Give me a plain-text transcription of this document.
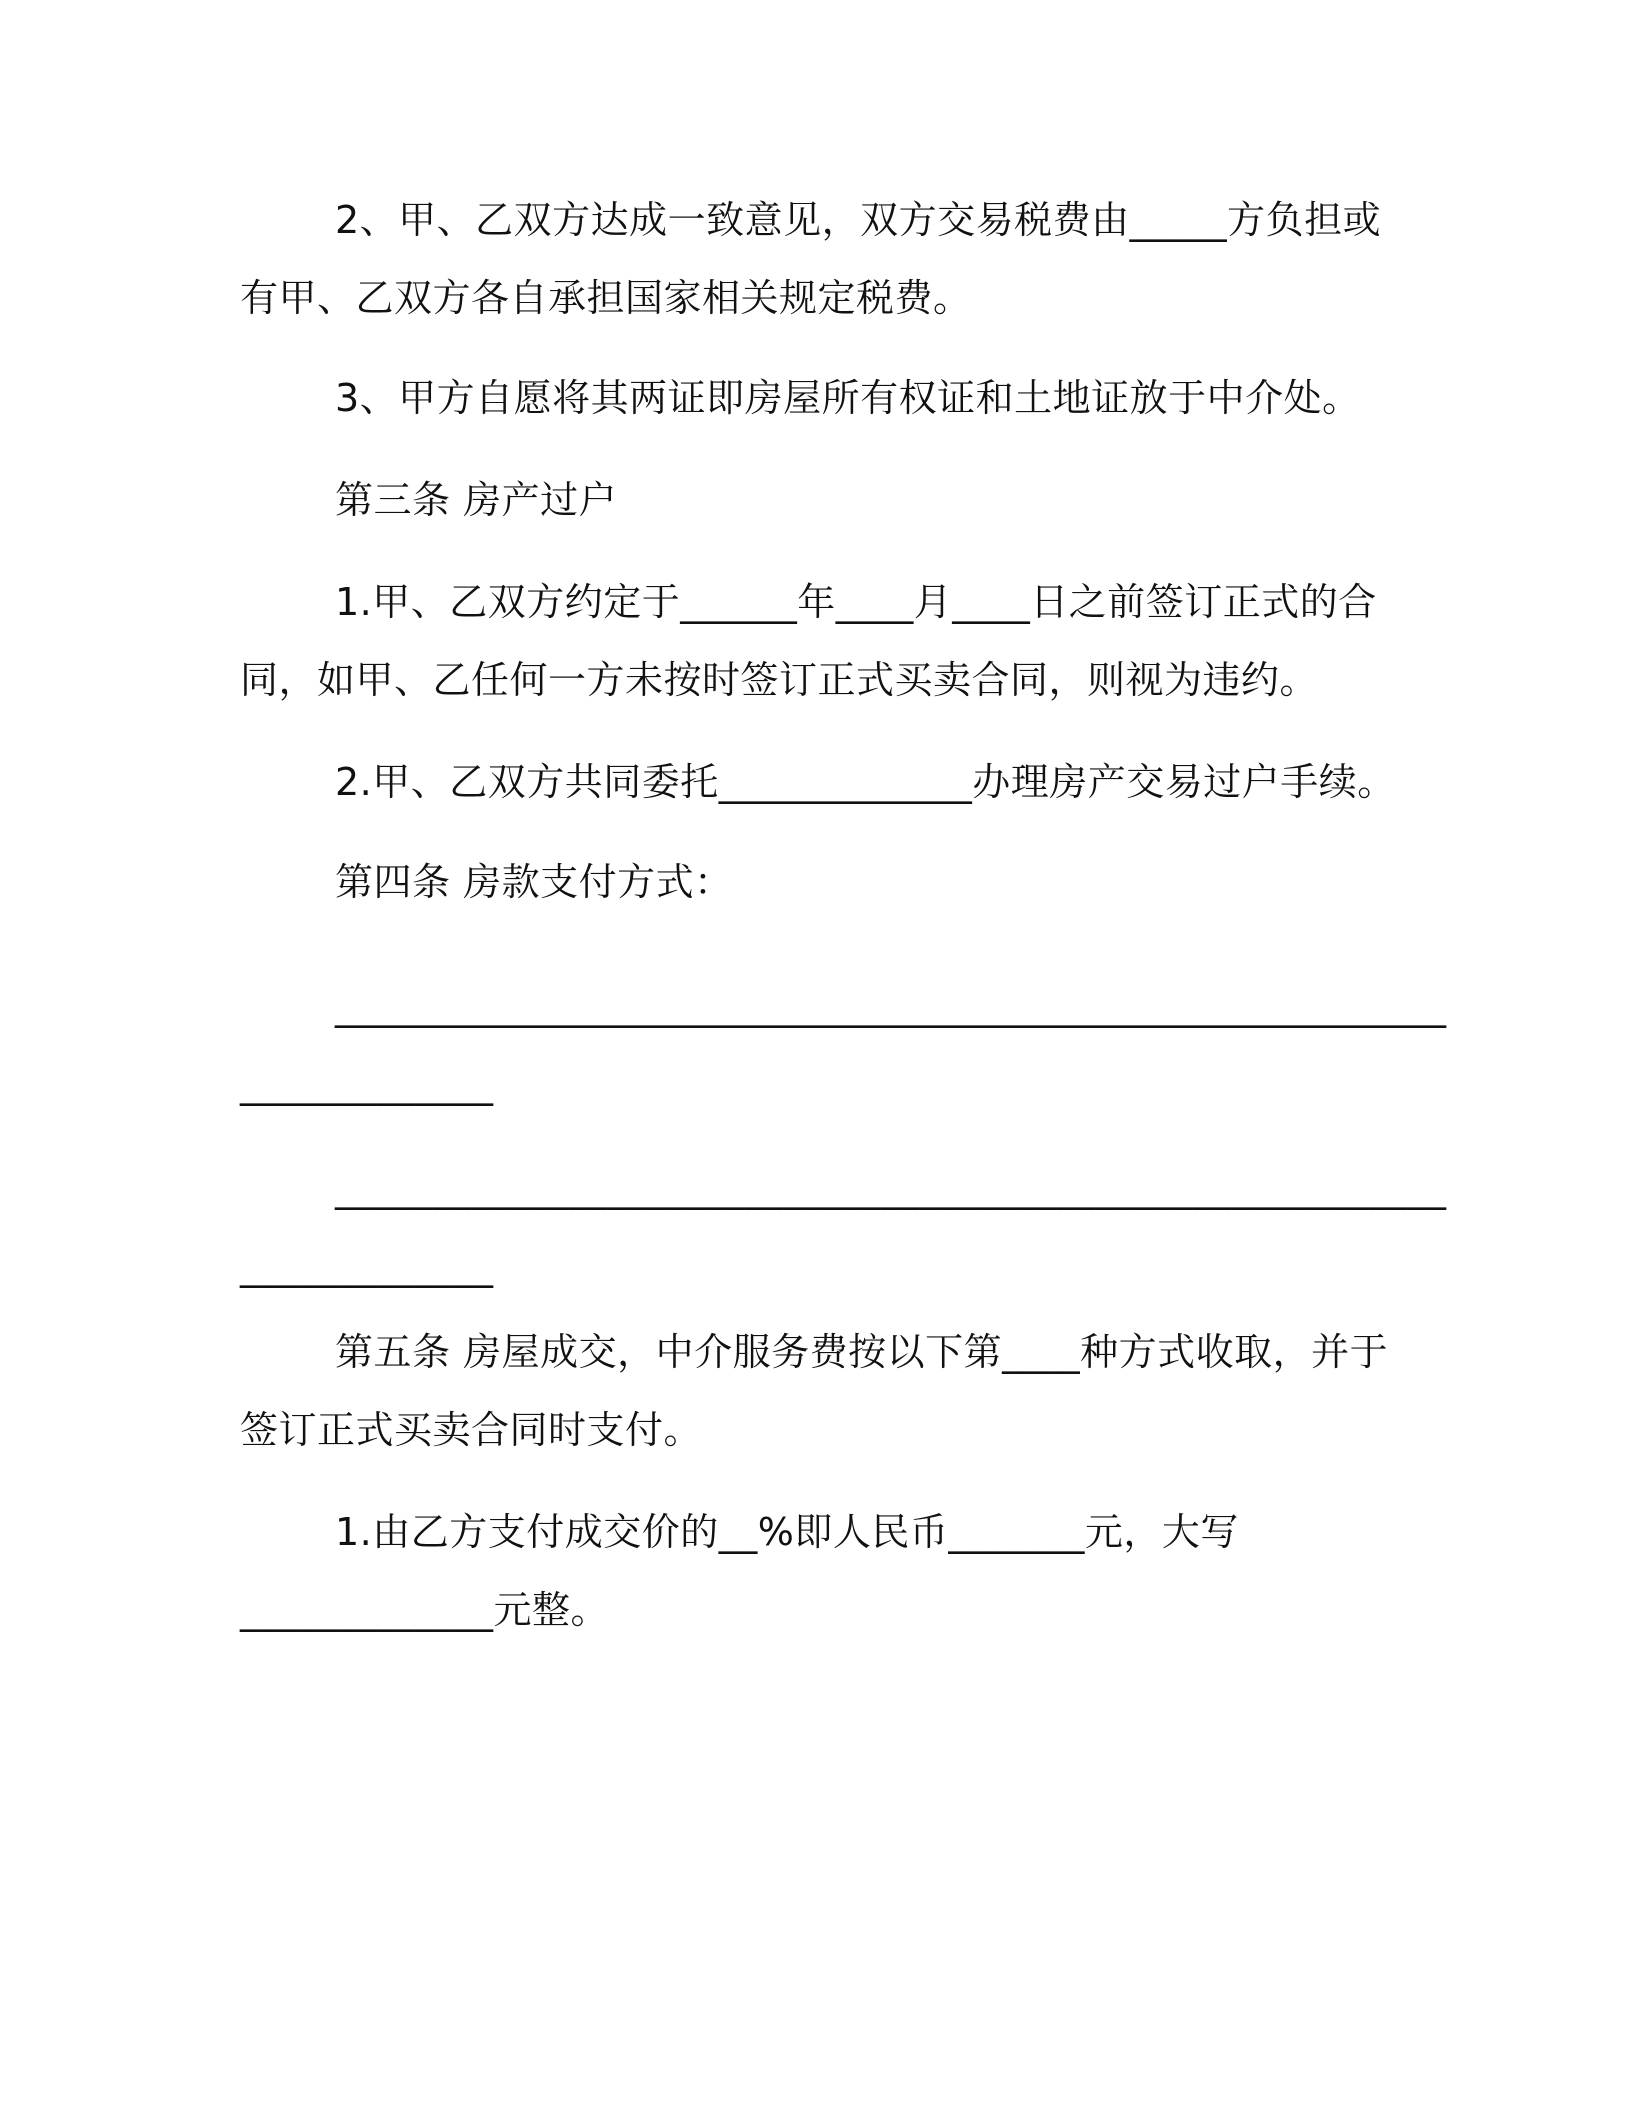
2、甲、乙双方达成一致意见，双方交易税费由_____方负担或
有甲、乙双方各自承担国家相关规定税费。
3、甲方自愿将其两证即房屋所有权证和土地证放于中介处。
第三条 房产过户
1.甲、乙双方约定于______年____月____日之前签订正式的合
同，如甲、乙任何一方未按时签订正式买卖合同，则视为违约。
2.甲、乙双方共同委托_____________办理房产交易过户手续。
第四条 房款支付方式：
_________________________________________________________
_____________
_________________________________________________________
_____________
第五条 房屋成交，中介服务费按以下第____种方式收取，并于
签订正式买卖合同时支付。
1.由乙方支付成交价的__%即人民币_______元，大写
_____________元整。
